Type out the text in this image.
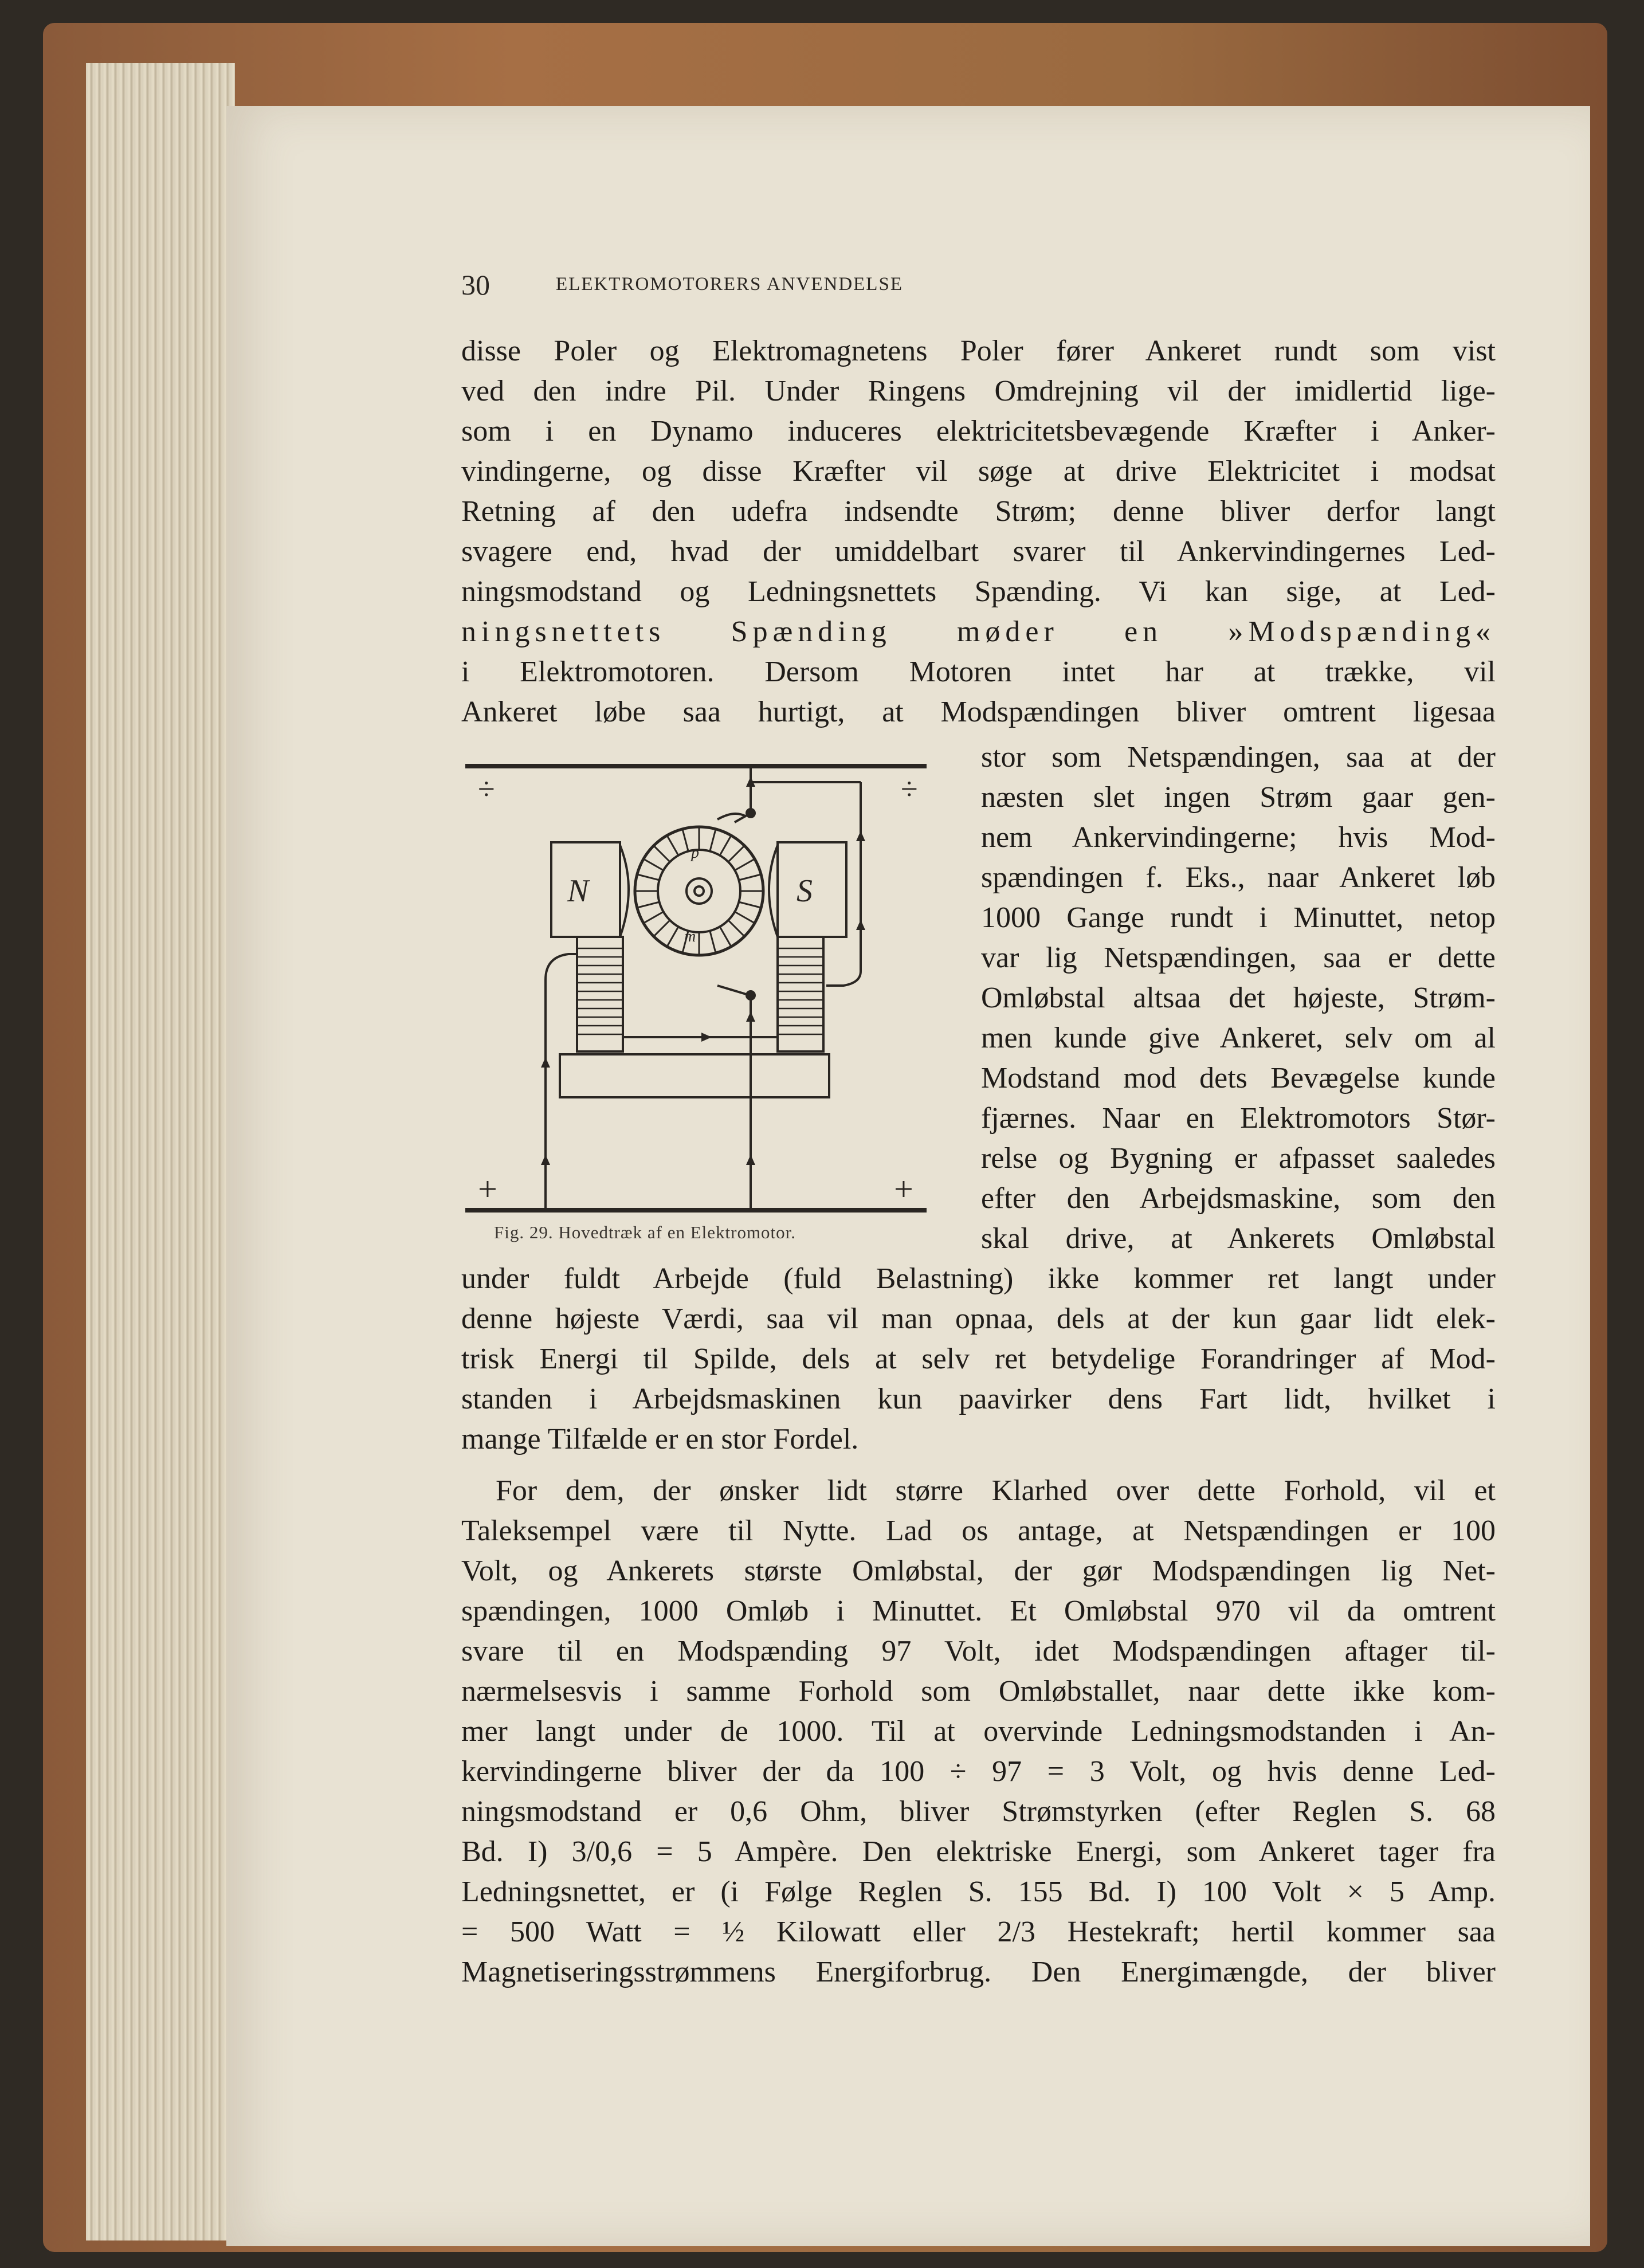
30	ELEKTROMOTORERS ANVENDELSE
disse Poler og Elektromagnetens Poler fører Ankeret rundt som vist
ved den indre Pil. Under Ringens Omdrejning vil der imidlertid lige-
som i en Dynamo induceres elektricitetsbevægende Kræfter i Anker-
vindingerne, og disse Kræfter vil søge at drive Elektricitet i modsat
Retning af den udefra indsendte Strøm; denne bliver derfor langt
svagere end, hvad der umiddelbart svarer til Ankervindingernes Led-
ningsmodstand og Ledningsnettets Spænding. Vi kan sige, at Led-
ningsnettets Spænding møder en »Modspænding«
i Elektromotoren. Dersom Motoren intet har at trække, vil
Ankeret løbe saa hurtigt, at Modspændingen bliver omtrent ligesaa
stor som Netspændingen, saa at der
næsten slet ingen Strøm gaar gen-
nem Ankervindingerne; hvis Mod-
spændingen f. Eks., naar Ankeret løb
1000 Gange rundt i Minuttet, netop
var lig Netspændingen, saa er dette
Omløbstal altsaa det højeste, Strøm-
men kunde give Ankeret, selv om al
Modstand mod dets Bevægelse kunde
fjærnes. Naar en Elektromotors Stør-
relse og Bygning er afpasset saaledes
efter den Arbejdsmaskine, som den
skal drive, at Ankerets Omløbstal
÷	÷
+	+
N	S
p
m
Fig. 29. Hovedtræk af en Elektromotor.
under fuldt Arbejde (fuld Belastning) ikke kommer ret langt under
denne højeste Værdi, saa vil man opnaa, dels at der kun gaar lidt elek-
trisk Energi til Spilde, dels at selv ret betydelige Forandringer af Mod-
standen i Arbejdsmaskinen kun paavirker dens Fart lidt, hvilket i
mange Tilfælde er en stor Fordel.
For dem, der ønsker lidt større Klarhed over dette Forhold, vil et
Taleksempel være til Nytte. Lad os antage, at Netspændingen er 100
Volt, og Ankerets største Omløbstal, der gør Modspændingen lig Net-
spændingen, 1000 Omløb i Minuttet. Et Omløbstal 970 vil da omtrent
svare til en Modspænding 97 Volt, idet Modspændingen aftager til-
nærmelsesvis i samme Forhold som Omløbstallet, naar dette ikke kom-
mer langt under de 1000. Til at overvinde Ledningsmodstanden i An-
kervindingerne bliver der da 100 ÷ 97 = 3 Volt, og hvis denne Led-
ningsmodstand er 0,6 Ohm, bliver Strømstyrken (efter Reglen S. 68
Bd. I) 3/0,6 = 5 Ampère. Den elektriske Energi, som Ankeret tager fra
Ledningsnettet, er (i Følge Reglen S. 155 Bd. I) 100 Volt × 5 Amp.
= 500 Watt = ½ Kilowatt eller 2/3 Hestekraft; hertil kommer saa
Magnetiseringsstrømmens Energiforbrug. Den Energimængde, der bliver
